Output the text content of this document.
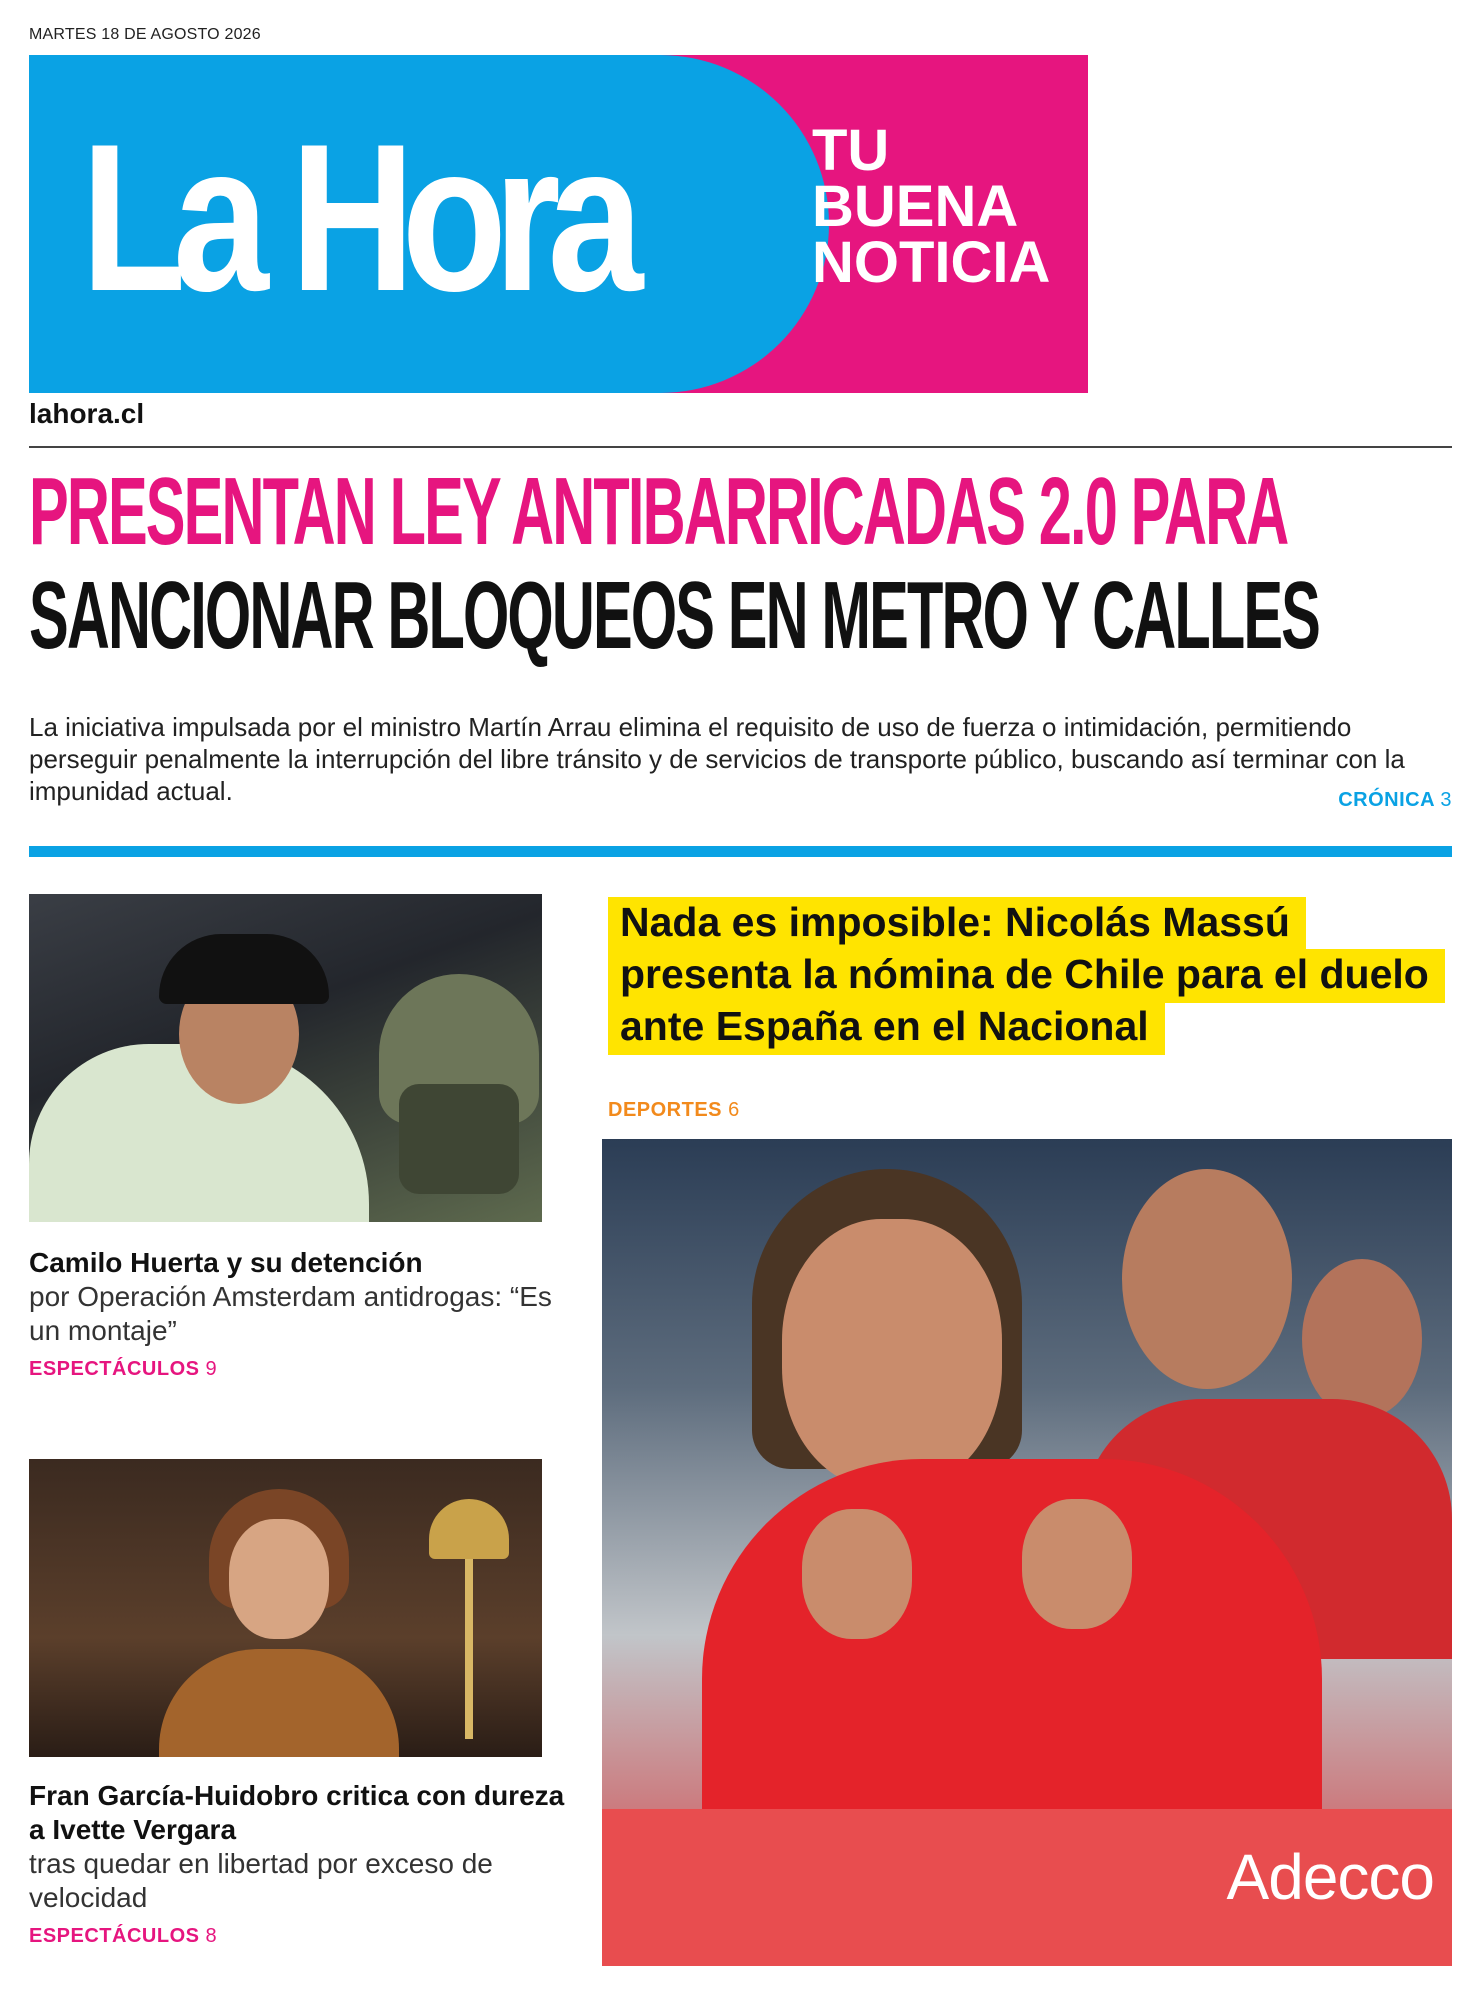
MARTES 18 DE AGOSTO 2026
La Hora	TU
BUENA
NOTICIA
lahora.cl
PRESENTAN LEY ANTIBARRICADAS 2.0 PARA
SANCIONAR BLOQUEOS EN METRO Y CALLES
La iniciativa impulsada por el ministro Martín Arrau elimina el requisito de uso de fuerza o intimidación, permitiendo perseguir penalmente la interrupción del libre tránsito y de servicios de transporte público, buscando así terminar con la impunidad actual.	CRÓNICA 3
Camilo Huerta y su detención
por Operación Amsterdam antidrogas: “Es un montaje”
ESPECTÁCULOS 9
Fran García-Huidobro critica con dureza a Ivette Vergara
tras quedar en libertad por exceso de velocidad
ESPECTÁCULOS 8
Nada es imposible: Nicolás Massú presenta la nómina de Chile para el duelo ante España en el Nacional
DEPORTES 6
Adecco
